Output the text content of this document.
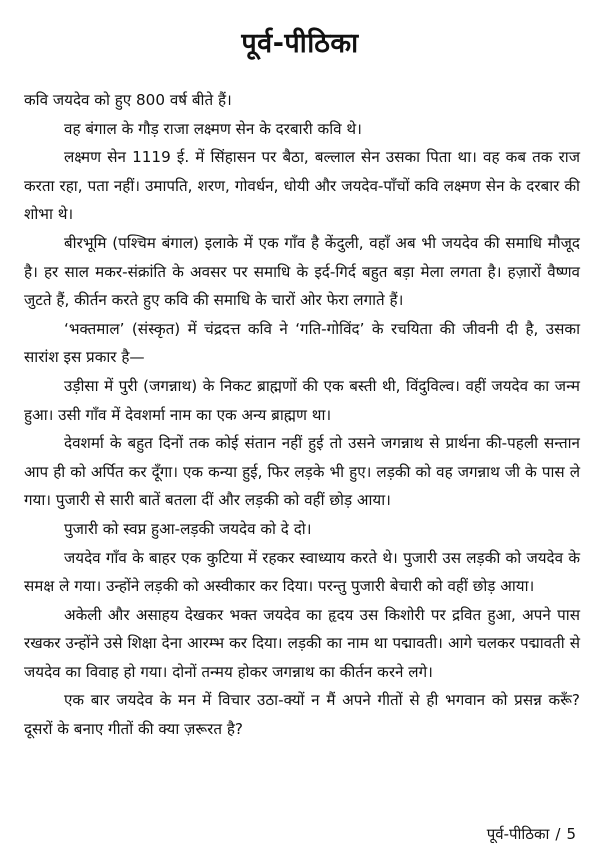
पूर्व-पीठिका

कवि जयदेव को हुए 800 वर्ष बीते हैं।

वह बंगाल के गौड़ राजा लक्ष्मण सेन के दरबारी कवि थे।

लक्ष्मण सेन 1119 ई. में सिंहासन पर बैठा, बल्लाल सेन उसका पिता था। वह कब तक राज करता रहा, पता नहीं। उमापति, शरण, गोवर्धन, धोयी और जयदेव-पाँचों कवि लक्ष्मण सेन के दरबार की शोभा थे।

बीरभूमि (पश्चिम बंगाल) इलाके में एक गाँव है केंदुली, वहाँ अब भी जयदेव की समाधि मौजूद है। हर साल मकर-संक्रांति के अवसर पर समाधि के इर्द-गिर्द बहुत बड़ा मेला लगता है। हज़ारों वैष्णव जुटते हैं, कीर्तन करते हुए कवि की समाधि के चारों ओर फेरा लगाते हैं।

‘भक्तमाल’ (संस्कृत) में चंद्रदत्त कवि ने ‘गति-गोविंद’ के रचयिता की जीवनी दी है, उसका सारांश इस प्रकार है—

उड़ीसा में पुरी (जगन्नाथ) के निकट ब्राह्मणों की एक बस्ती थी, विंदुविल्व। वहीं जयदेव का जन्म हुआ। उसी गाँव में देवशर्मा नाम का एक अन्य ब्राह्मण था।

देवशर्मा के बहुत दिनों तक कोई संतान नहीं हुई तो उसने जगन्नाथ से प्रार्थना की-पहली सन्तान आप ही को अर्पित कर दूँगा। एक कन्या हुई, फिर लड़के भी हुए। लड़की को वह जगन्नाथ जी के पास ले गया। पुजारी से सारी बातें बतला दीं और लड़की को वहीं छोड़ आया।

पुजारी को स्वप्न हुआ-लड़की जयदेव को दे दो।

जयदेव गाँव के बाहर एक कुटिया में रहकर स्वाध्याय करते थे। पुजारी उस लड़की को जयदेव के समक्ष ले गया। उन्होंने लड़की को अस्वीकार कर दिया। परन्तु पुजारी बेचारी को वहीं छोड़ आया।

अकेली और असाहय देखकर भक्त जयदेव का हृदय उस किशोरी पर द्रवित हुआ, अपने पास रखकर उन्होंने उसे शिक्षा देना आरम्भ कर दिया। लड़की का नाम था पद्मावती। आगे चलकर पद्मावती से जयदेव का विवाह हो गया। दोनों तन्मय होकर जगन्नाथ का कीर्तन करने लगे।

एक बार जयदेव के मन में विचार उठा-क्यों न मैं अपने गीतों से ही भगवान को प्रसन्न करूँ? दूसरों के बनाए गीतों की क्या ज़रूरत है?

पूर्व-पीठिका / 5
